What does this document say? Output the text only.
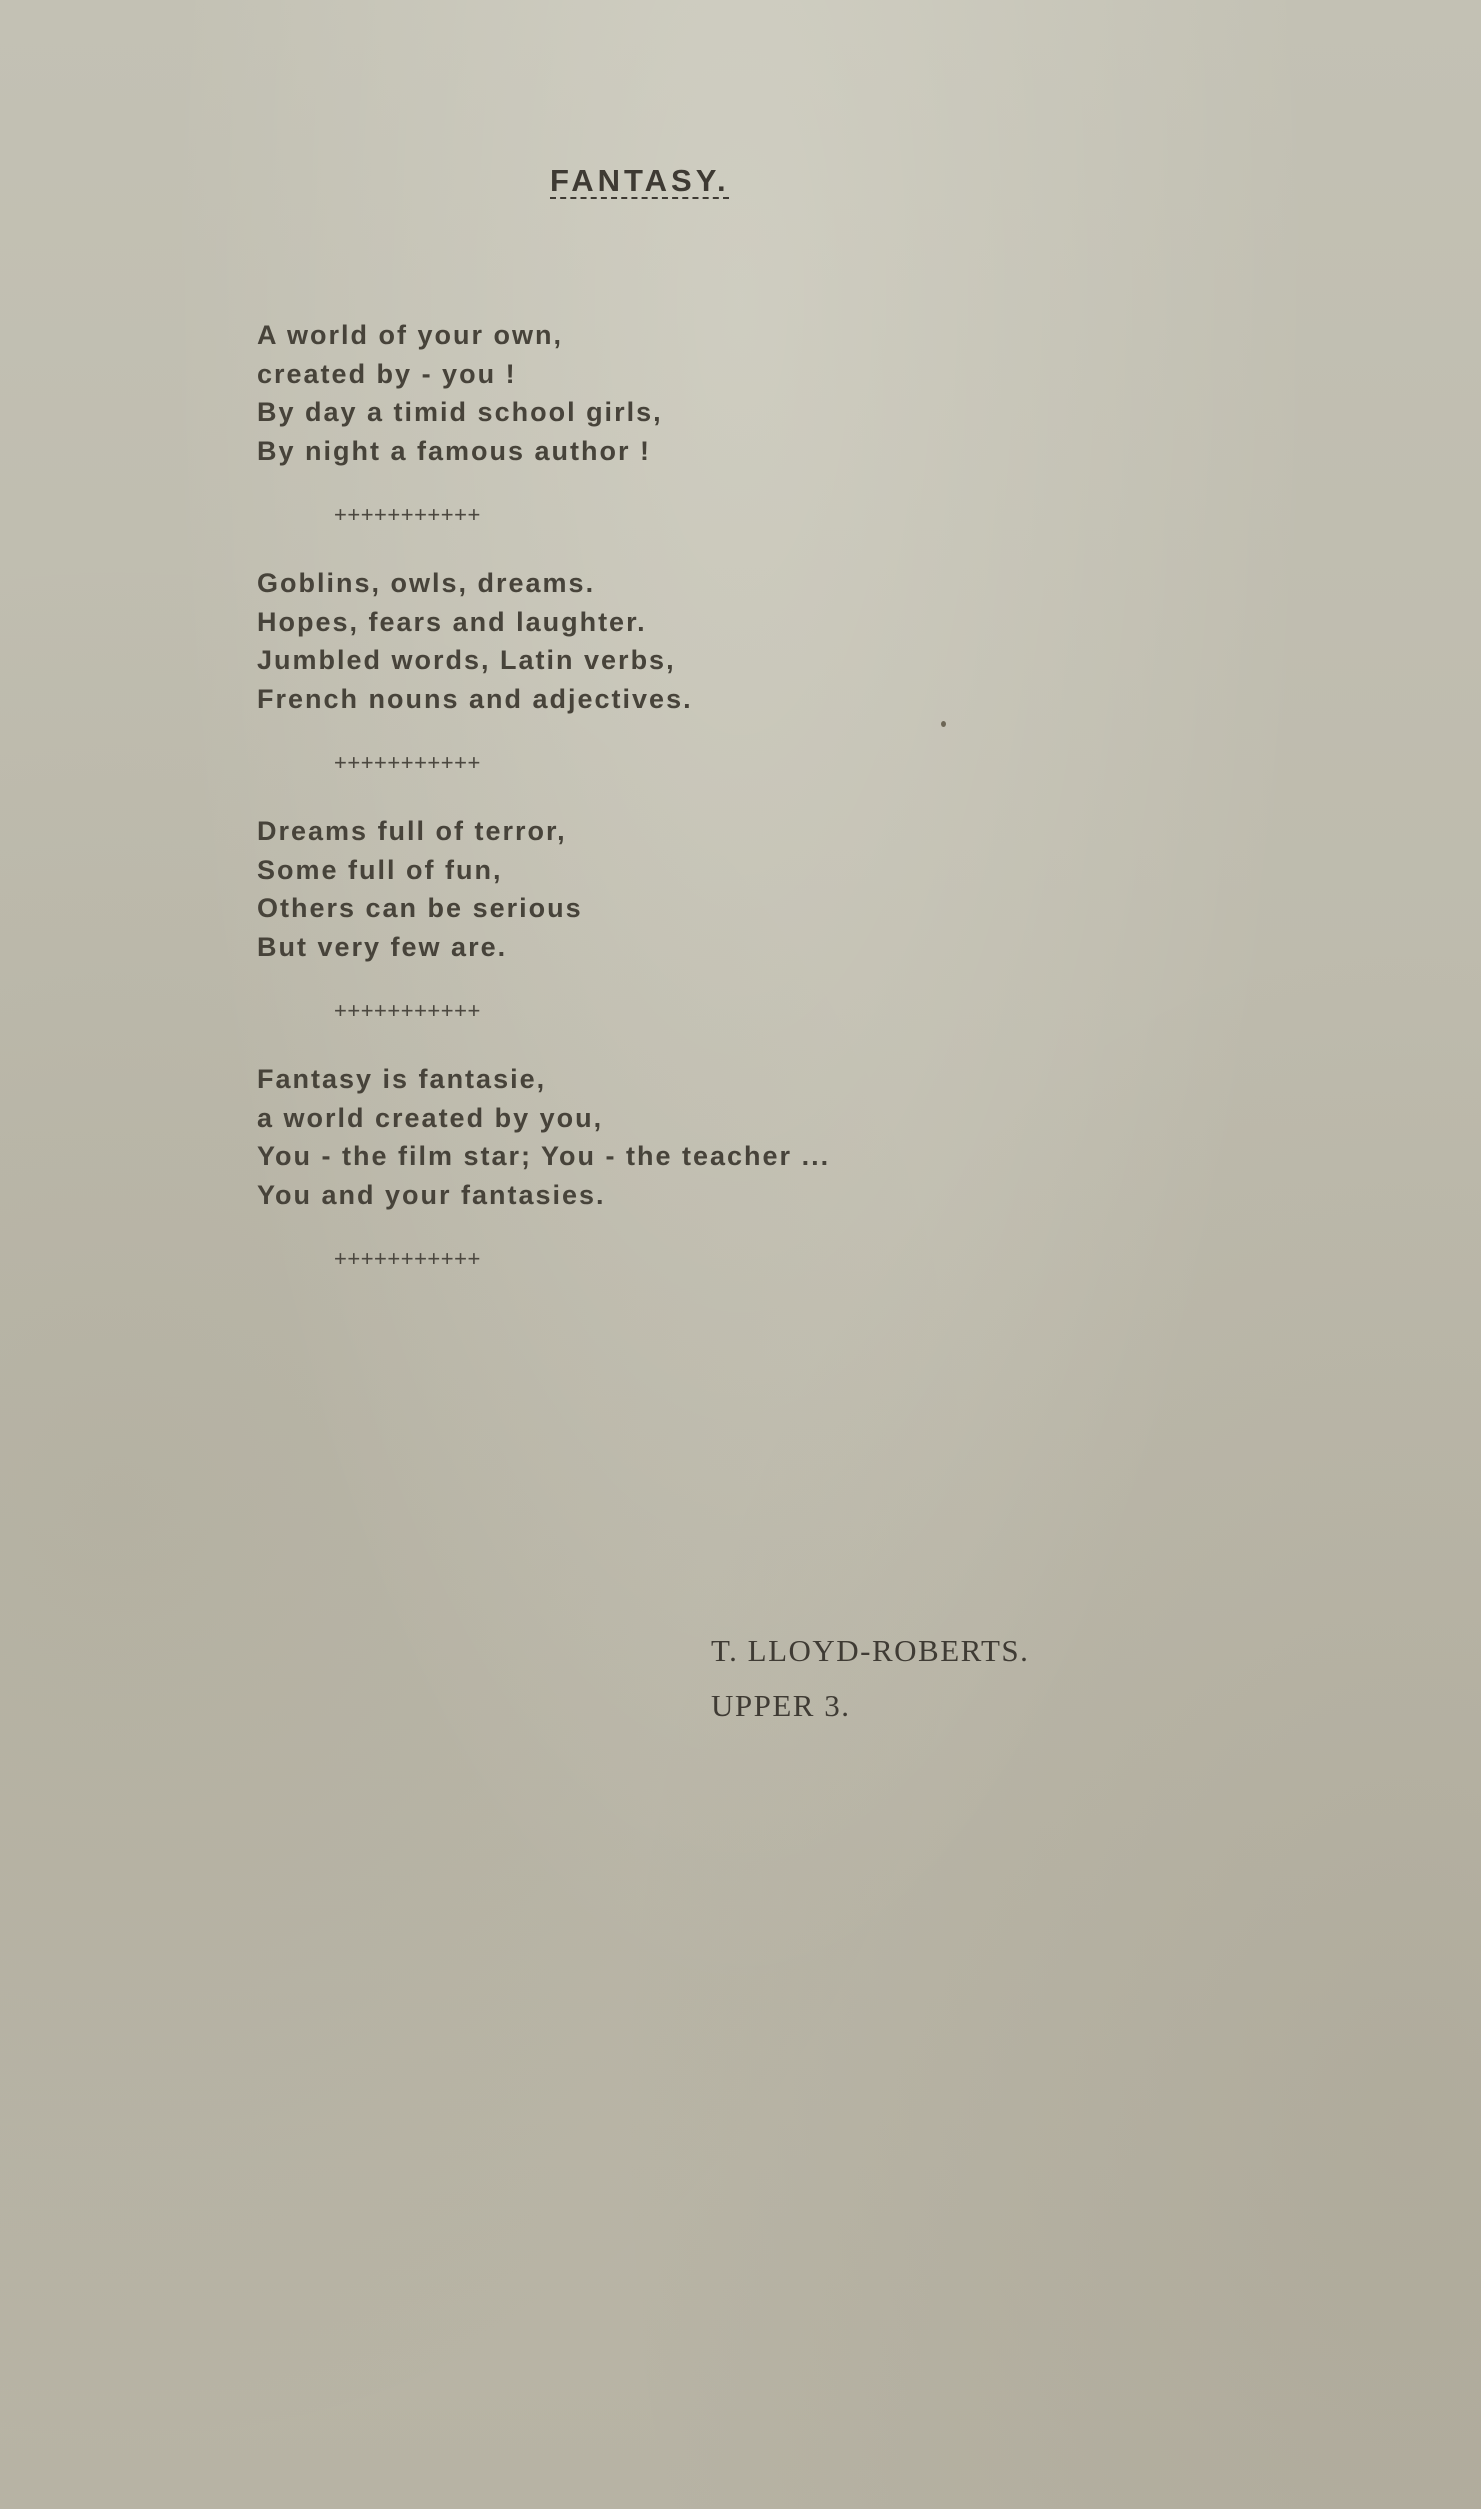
FANTASY.
A world of your own,
created by - you !
By day a timid school girls,
By night a famous author !
+++++++++++
Goblins, owls, dreams.
Hopes, fears and laughter.
Jumbled words, Latin verbs,
French nouns and adjectives.
+++++++++++
Dreams full of terror,
Some full of fun,
Others can be serious
But very few are.
+++++++++++
Fantasy is fantasie,
a world created by you,
You - the film star; You - the teacher ...
You and your fantasies.
+++++++++++
T. LLOYD-ROBERTS.
UPPER 3.
